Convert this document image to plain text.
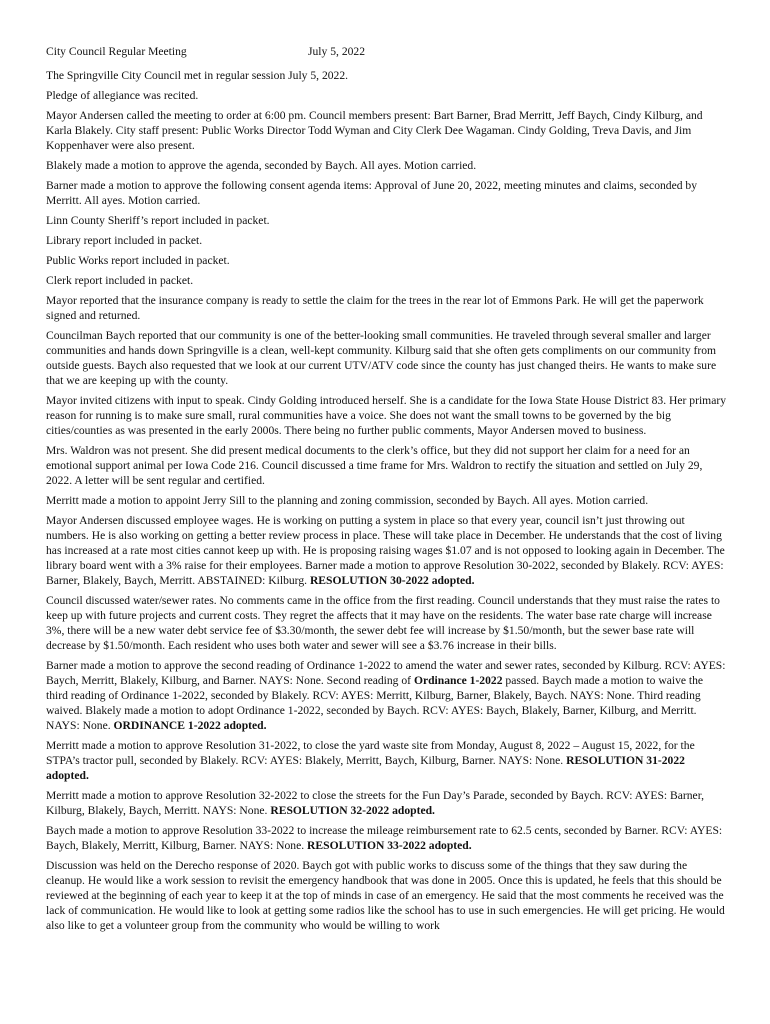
City Council Regular Meeting	July 5, 2022

The Springville City Council met in regular session July 5, 2022.

Pledge of allegiance was recited.

Mayor Andersen called the meeting to order at 6:00 pm. Council members present: Bart Barner, Brad Merritt, Jeff Baych, Cindy Kilburg, and Karla Blakely. City staff present: Public Works Director Todd Wyman and City Clerk Dee Wagaman. Cindy Golding, Treva Davis, and Jim Koppenhaver were also present.

Blakely made a motion to approve the agenda, seconded by Baych. All ayes. Motion carried.

Barner made a motion to approve the following consent agenda items: Approval of June 20, 2022, meeting minutes and claims, seconded by Merritt. All ayes. Motion carried.

Linn County Sheriff’s report included in packet.

Library report included in packet.

Public Works report included in packet.

Clerk report included in packet.

Mayor reported that the insurance company is ready to settle the claim for the trees in the rear lot of Emmons Park. He will get the paperwork signed and returned.

Councilman Baych reported that our community is one of the better-looking small communities. He traveled through several smaller and larger communities and hands down Springville is a clean, well-kept community. Kilburg said that she often gets compliments on our community from outside guests. Baych also requested that we look at our current UTV/ATV code since the county has just changed theirs. He wants to make sure that we are keeping up with the county.

Mayor invited citizens with input to speak. Cindy Golding introduced herself. She is a candidate for the Iowa State House District 83. Her primary reason for running is to make sure small, rural communities have a voice. She does not want the small towns to be governed by the big cities/counties as was presented in the early 2000s. There being no further public comments, Mayor Andersen moved to business.

Mrs. Waldron was not present. She did present medical documents to the clerk’s office, but they did not support her claim for a need for an emotional support animal per Iowa Code 216. Council discussed a time frame for Mrs. Waldron to rectify the situation and settled on July 29, 2022. A letter will be sent regular and certified.

Merritt made a motion to appoint Jerry Sill to the planning and zoning commission, seconded by Baych. All ayes. Motion carried.

Mayor Andersen discussed employee wages. He is working on putting a system in place so that every year, council isn’t just throwing out numbers. He is also working on getting a better review process in place. These will take place in December. He understands that the cost of living has increased at a rate most cities cannot keep up with. He is proposing raising wages $1.07 and is not opposed to looking again in December. The library board went with a 3% raise for their employees. Barner made a motion to approve Resolution 30-2022, seconded by Blakely. RCV: AYES: Barner, Blakely, Baych, Merritt. ABSTAINED: Kilburg. RESOLUTION 30-2022 adopted.

Council discussed water/sewer rates. No comments came in the office from the first reading. Council understands that they must raise the rates to keep up with future projects and current costs. They regret the affects that it may have on the residents. The water base rate charge will increase 3%, there will be a new water debt service fee of $3.30/month, the sewer debt fee will increase by $1.50/month, but the sewer base rate will decrease by $1.50/month. Each resident who uses both water and sewer will see a $3.76 increase in their bills.

Barner made a motion to approve the second reading of Ordinance 1-2022 to amend the water and sewer rates, seconded by Kilburg. RCV: AYES: Baych, Merritt, Blakely, Kilburg, and Barner. NAYS: None. Second reading of Ordinance 1-2022 passed. Baych made a motion to waive the third reading of Ordinance 1-2022, seconded by Blakely. RCV: AYES: Merritt, Kilburg, Barner, Blakely, Baych. NAYS: None. Third reading waived. Blakely made a motion to adopt Ordinance 1-2022, seconded by Baych. RCV: AYES: Baych, Blakely, Barner, Kilburg, and Merritt. NAYS: None. ORDINANCE 1-2022 adopted.

Merritt made a motion to approve Resolution 31-2022, to close the yard waste site from Monday, August 8, 2022 – August 15, 2022, for the STPA’s tractor pull, seconded by Blakely. RCV: AYES: Blakely, Merritt, Baych, Kilburg, Barner. NAYS: None. RESOLUTION 31-2022 adopted.

Merritt made a motion to approve Resolution 32-2022 to close the streets for the Fun Day’s Parade, seconded by Baych. RCV: AYES: Barner, Kilburg, Blakely, Baych, Merritt. NAYS: None. RESOLUTION 32-2022 adopted.

Baych made a motion to approve Resolution 33-2022 to increase the mileage reimbursement rate to 62.5 cents, seconded by Barner. RCV: AYES: Baych, Blakely, Merritt, Kilburg, Barner. NAYS: None. RESOLUTION 33-2022 adopted.

Discussion was held on the Derecho response of 2020. Baych got with public works to discuss some of the things that they saw during the cleanup. He would like a work session to revisit the emergency handbook that was done in 2005. Once this is updated, he feels that this should be reviewed at the beginning of each year to keep it at the top of minds in case of an emergency. He said that the most comments he received was the lack of communication. He would like to look at getting some radios like the school has to use in such emergencies. He will get pricing. He would also like to get a volunteer group from the community who would be willing to work
